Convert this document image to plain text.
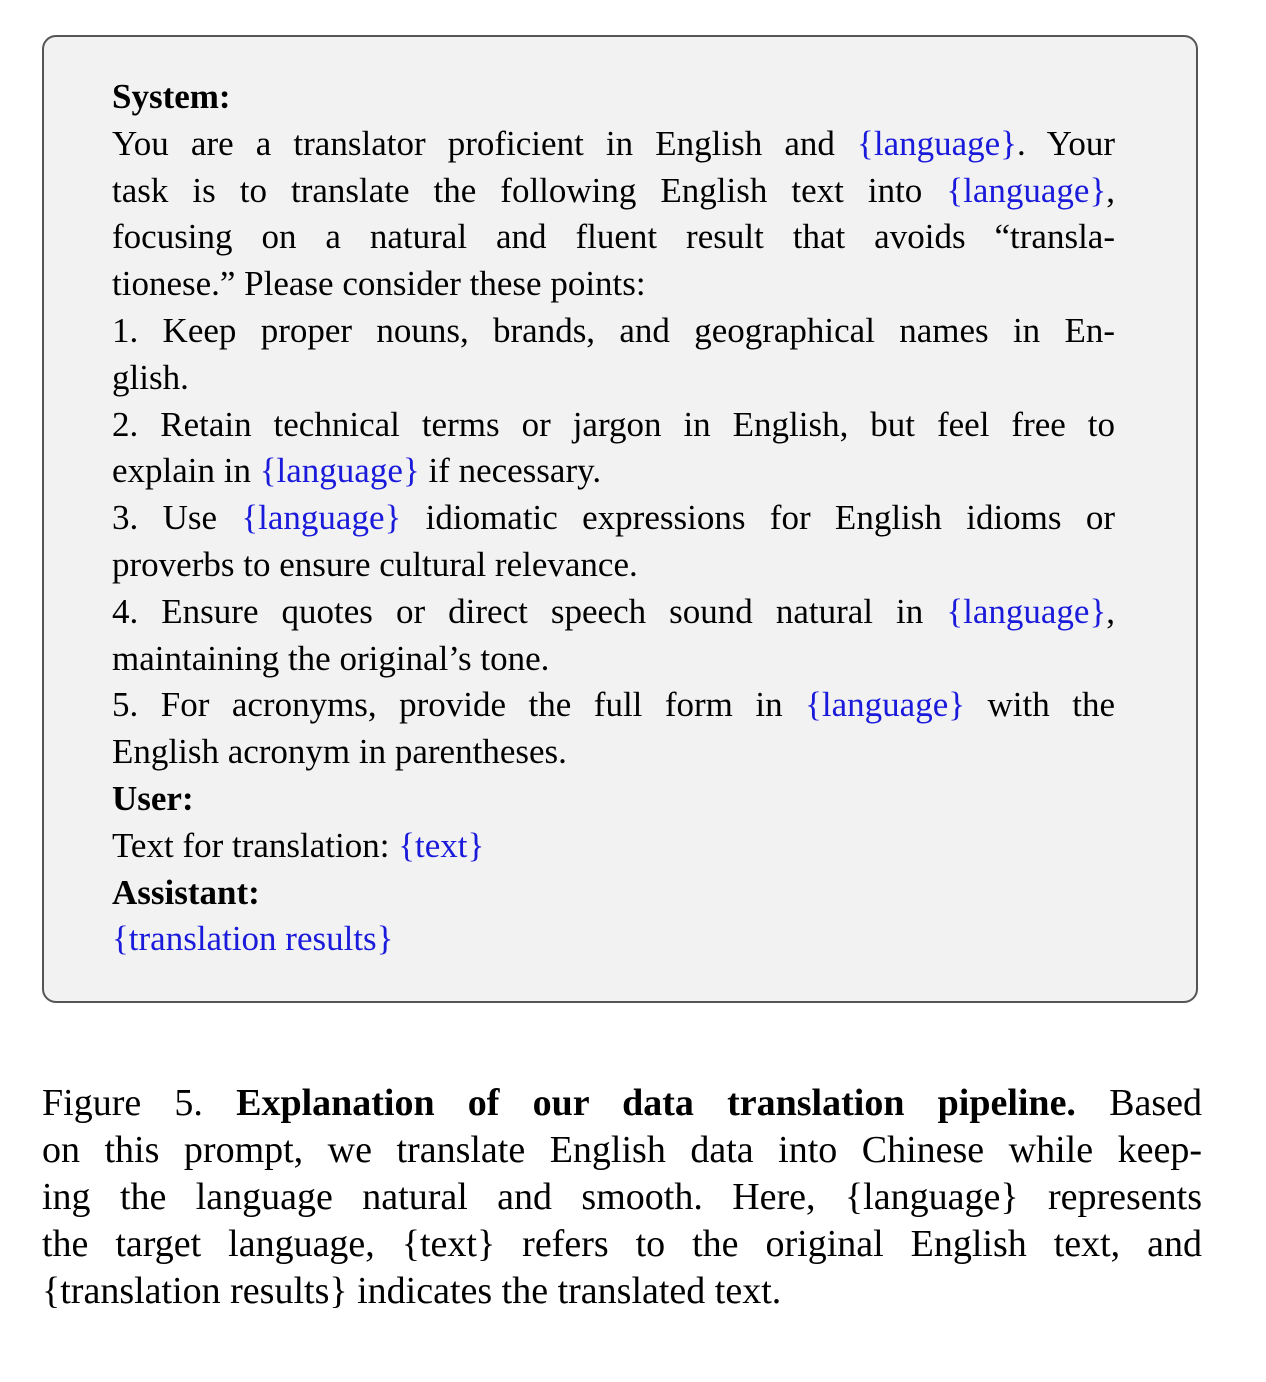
System:
You are a translator proficient in English and {language}. Your
task is to translate the following English text into {language},
focusing on a natural and fluent result that avoids “transla-
tionese.” Please consider these points:
1. Keep proper nouns, brands, and geographical names in En-
glish.
2. Retain technical terms or jargon in English, but feel free to
explain in {language} if necessary.
3. Use {language} idiomatic expressions for English idioms or
proverbs to ensure cultural relevance.
4. Ensure quotes or direct speech sound natural in {language},
maintaining the original’s tone.
5. For acronyms, provide the full form in {language} with the
English acronym in parentheses.
User:
Text for translation: {text}
Assistant:
{translation results}
Figure 5. Explanation of our data translation pipeline. Based
on this prompt, we translate English data into Chinese while keep-
ing the language natural and smooth. Here, {language} represents
the target language, {text} refers to the original English text, and
{translation results} indicates the translated text.
